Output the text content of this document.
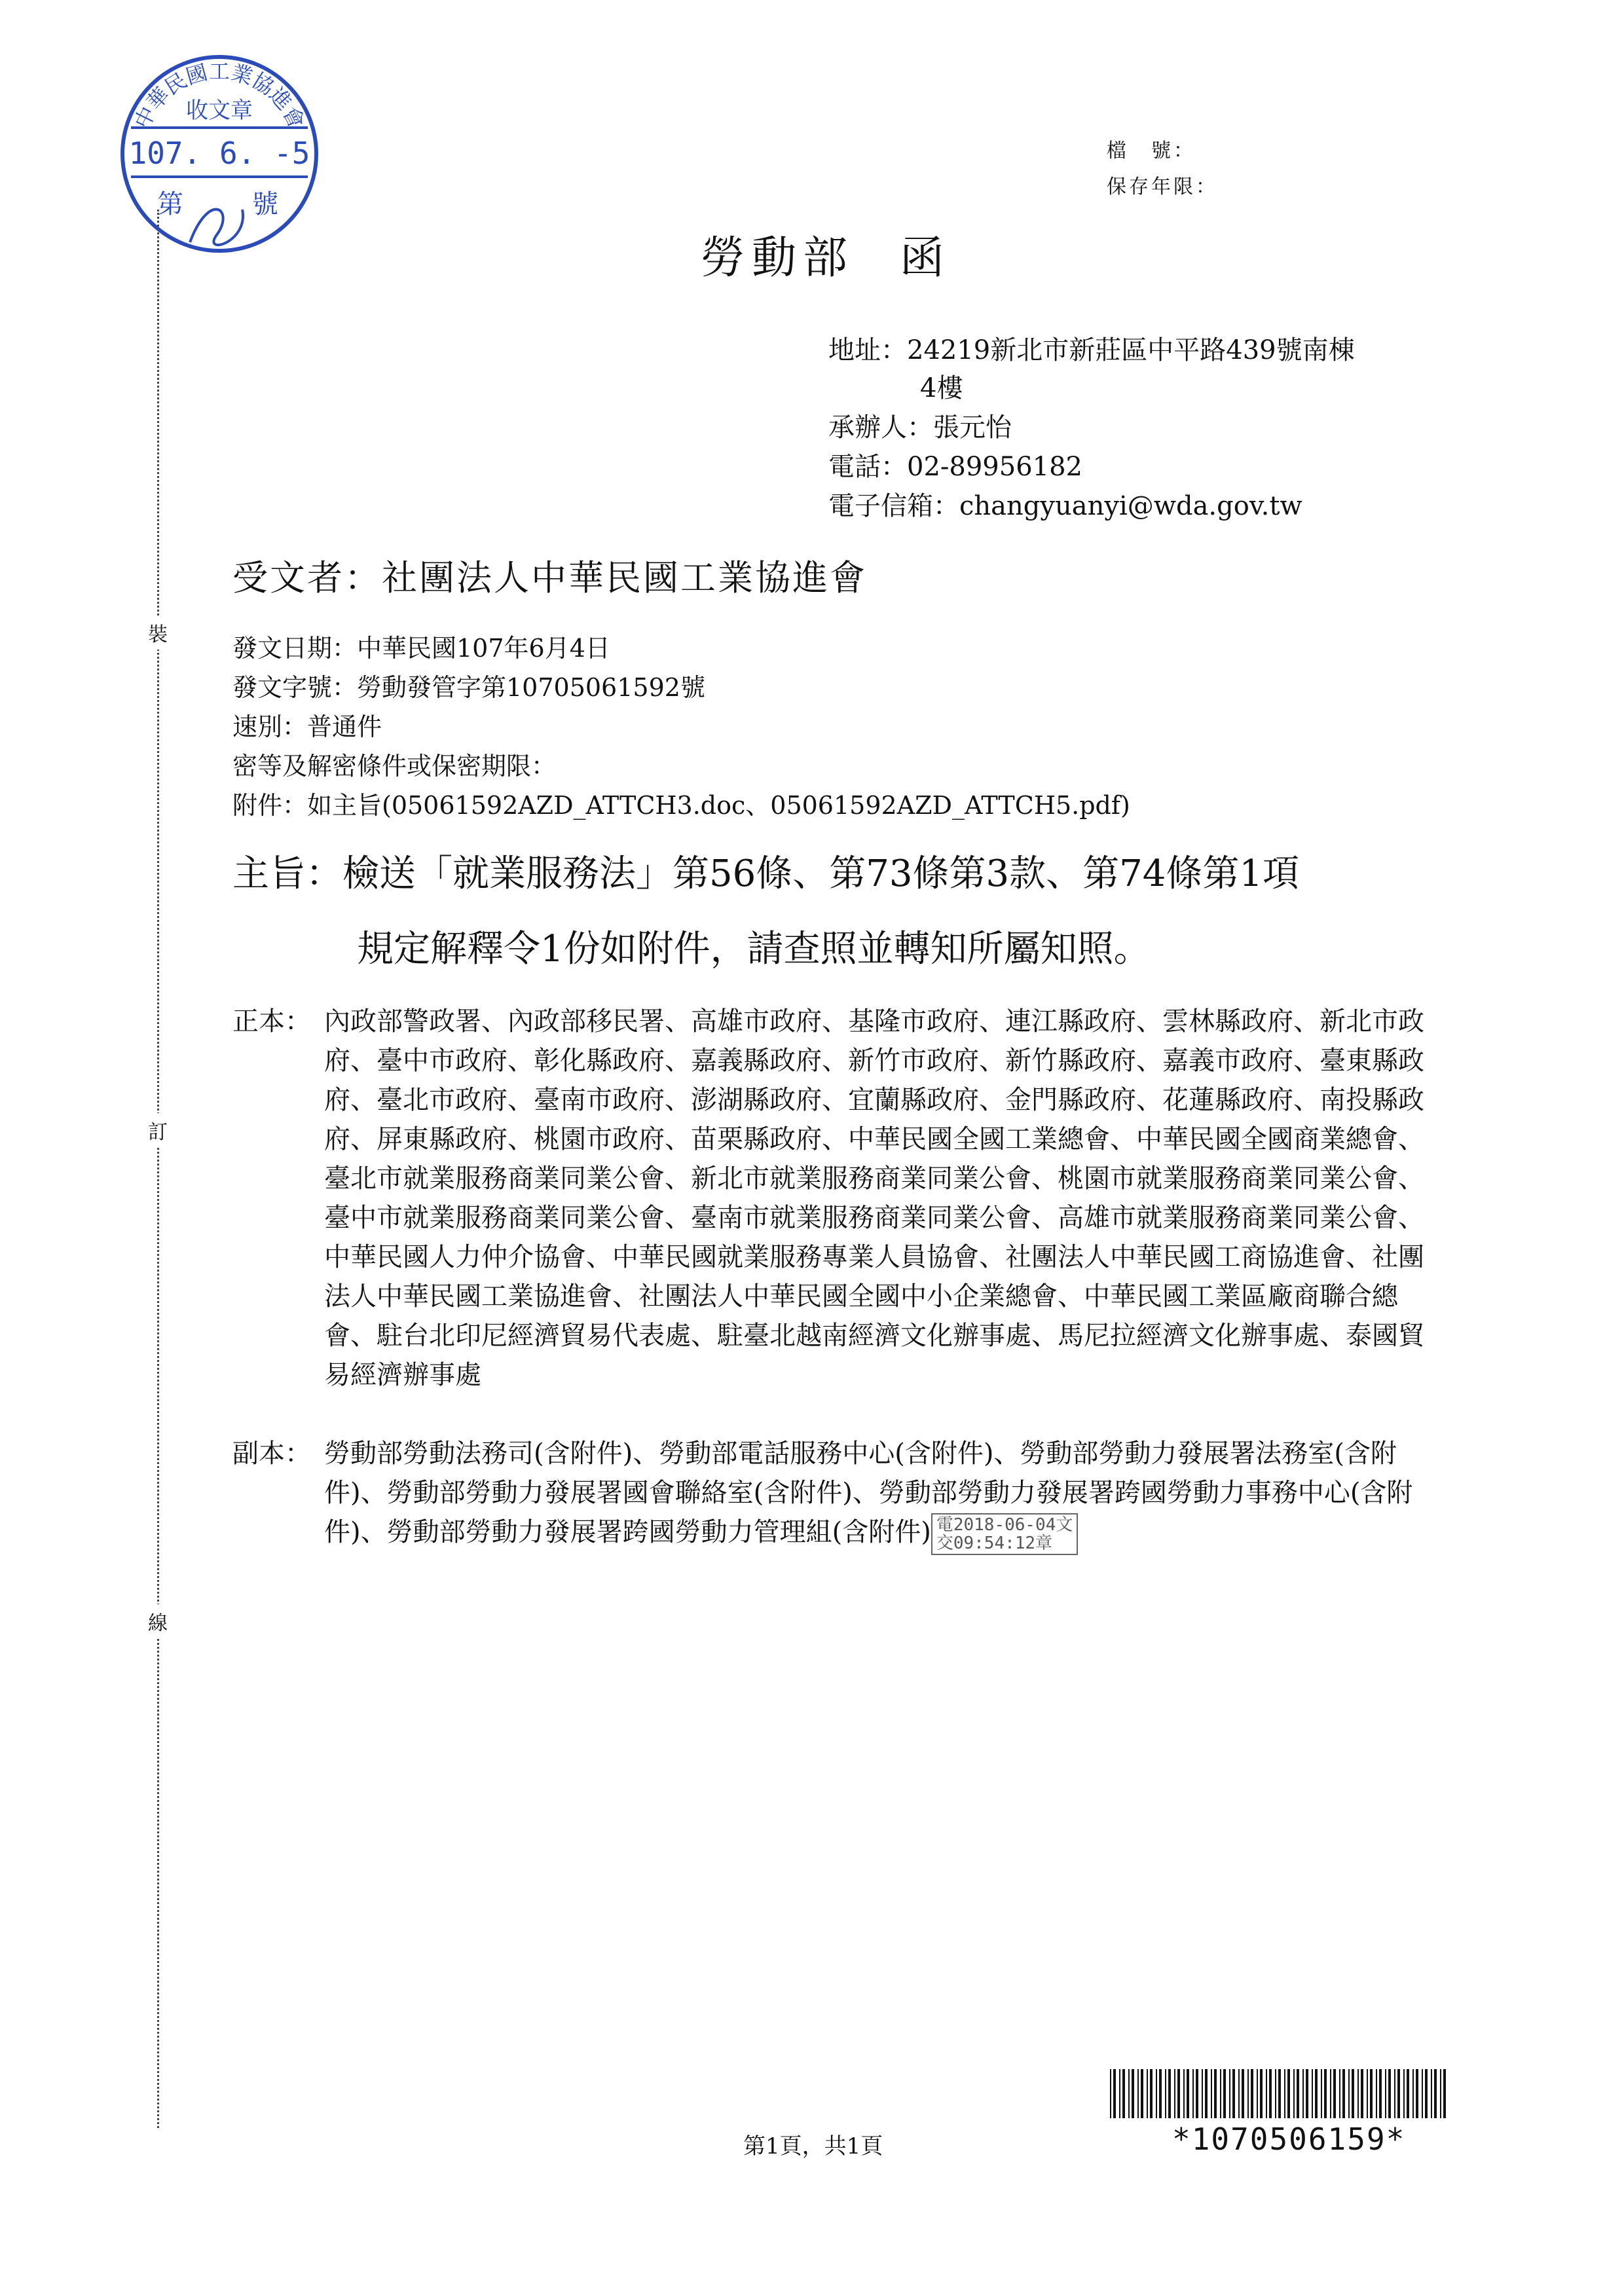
裝
訂
線
中華民國工業協進會
收文章
107. 6. -5
第	號
檔　號：
保存年限：
勞動部 函
地址：24219新北市新莊區中平路439號南棟
4樓
承辦人：張元怡
電話：02-89956182
電子信箱：changyuanyi@wda.gov.tw
受文者：社團法人中華民國工業協進會
發文日期：中華民國107年6月4日
發文字號：勞動發管字第10705061592號
速別：普通件
密等及解密條件或保密期限：
附件：如主旨(05061592AZD_ATTCH3.doc、05061592AZD_ATTCH5.pdf)
主旨：檢送「就業服務法」第56條、第73條第3款、第74條第1項
規定解釋令1份如附件，請查照並轉知所屬知照。
正本： 內政部警政署、內政部移民署、高雄市政府、基隆市政府、連江縣政府、雲林縣政府、新北市政府、臺中市政府、彰化縣政府、嘉義縣政府、新竹市政府、新竹縣政府、嘉義市政府、臺東縣政府、臺北市政府、臺南市政府、澎湖縣政府、宜蘭縣政府、金門縣政府、花蓮縣政府、南投縣政府、屏東縣政府、桃園市政府、苗栗縣政府、中華民國全國工業總會、中華民國全國商業總會、臺北市就業服務商業同業公會、新北市就業服務商業同業公會、桃園市就業服務商業同業公會、臺中市就業服務商業同業公會、臺南市就業服務商業同業公會、高雄市就業服務商業同業公會、中華民國人力仲介協會、中華民國就業服務專業人員協會、社團法人中華民國工商協進會、社團法人中華民國工業協進會、社團法人中華民國全國中小企業總會、中華民國工業區廠商聯合總會、駐台北印尼經濟貿易代表處、駐臺北越南經濟文化辦事處、馬尼拉經濟文化辦事處、泰國貿易經濟辦事處
副本： 勞動部勞動法務司(含附件)、勞動部電話服務中心(含附件)、勞動部勞動力發展署法務室(含附件)、勞動部勞動力發展署國會聯絡室(含附件)、勞動部勞動力發展署跨國勞動力事務中心(含附件)、勞動部勞動力發展署跨國勞動力管理組(含附件) 電2018-06-04文
交09:54:12章
第1頁，共1頁	*1070506159*
